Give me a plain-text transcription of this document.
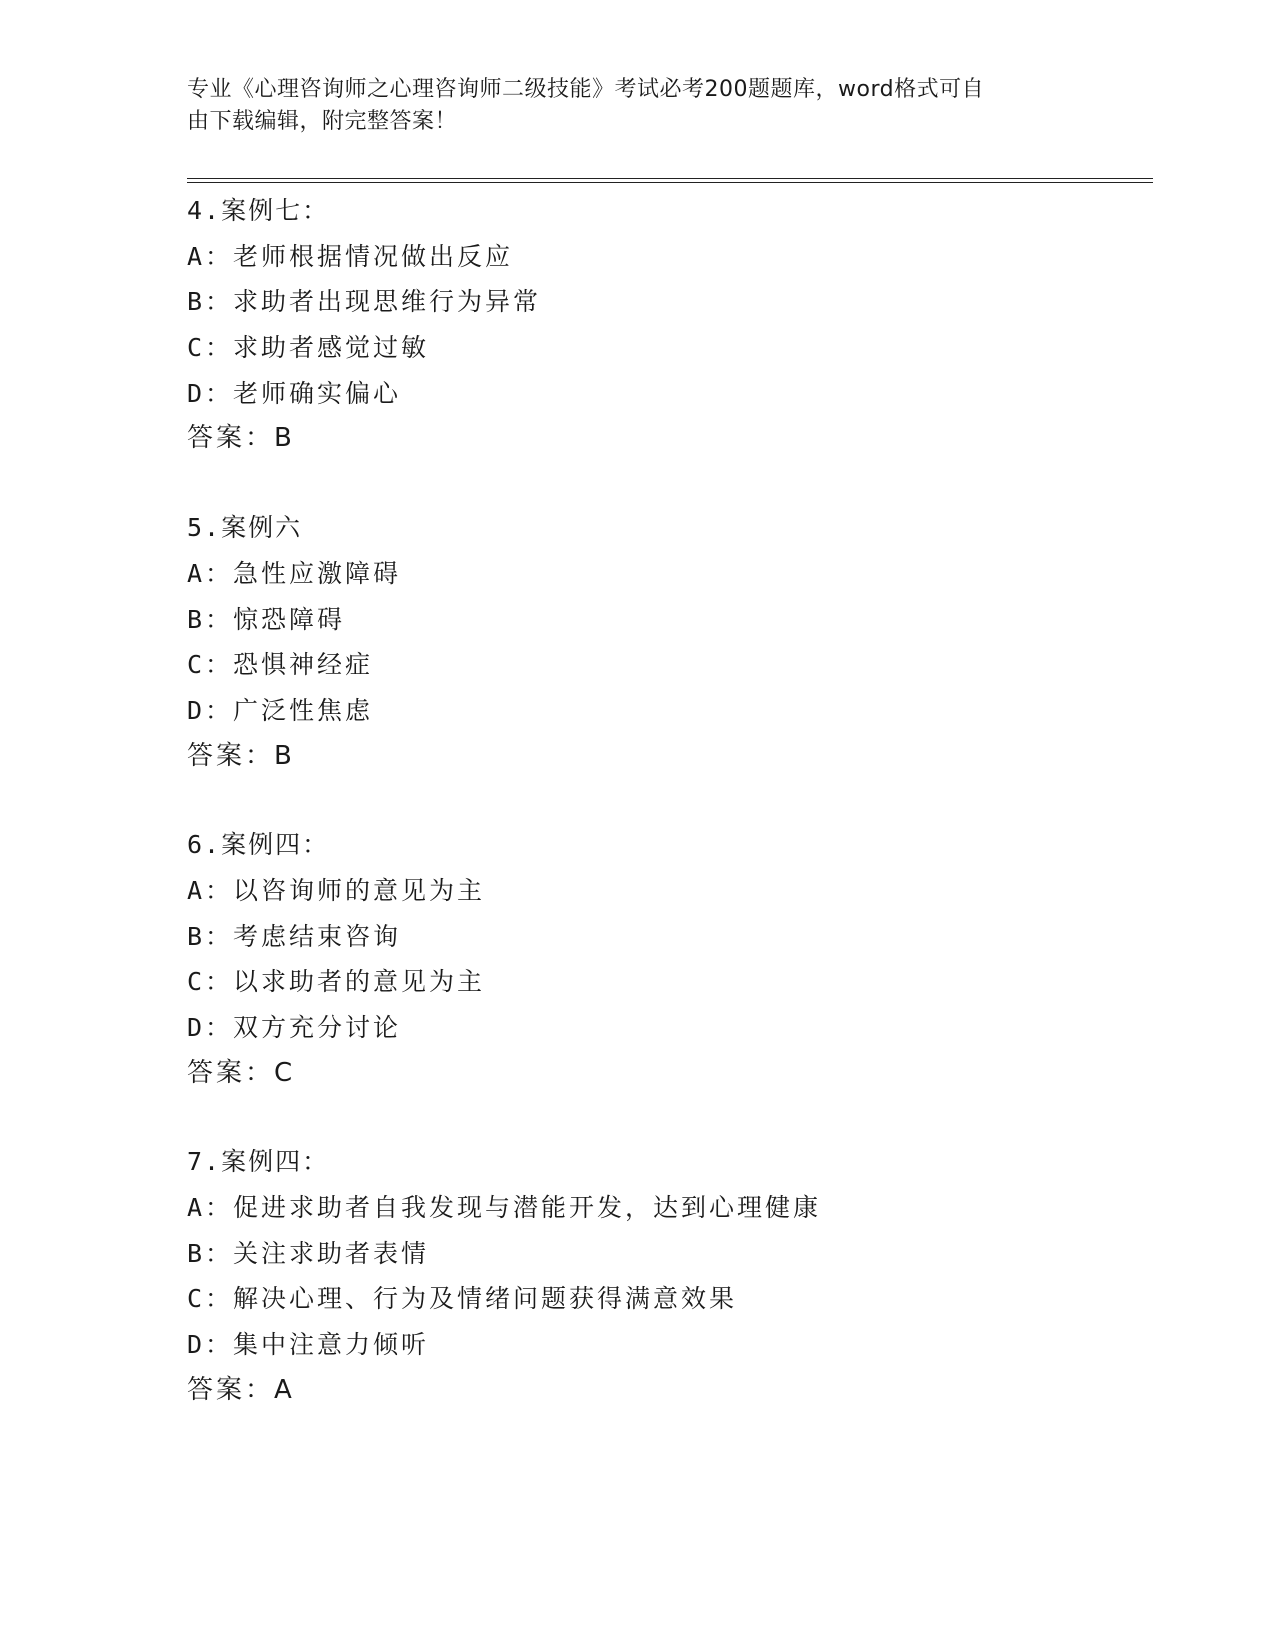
专业《心理咨询师之心理咨询师二级技能》考试必考200题题库，word格式可自
由下载编辑，附完整答案！
4.案例七：
A：老师根据情况做出反应
B：求助者出现思维行为异常
C：求助者感觉过敏
D：老师确实偏心
答案：B
5.案例六
A：急性应激障碍
B：惊恐障碍
C：恐惧神经症
D：广泛性焦虑
答案：B
6.案例四：
A：以咨询师的意见为主
B：考虑结束咨询
C：以求助者的意见为主
D：双方充分讨论
答案：C
7.案例四：
A：促进求助者自我发现与潜能开发，达到心理健康
B：关注求助者表情
C：解决心理、行为及情绪问题获得满意效果
D：集中注意力倾听
答案：A
